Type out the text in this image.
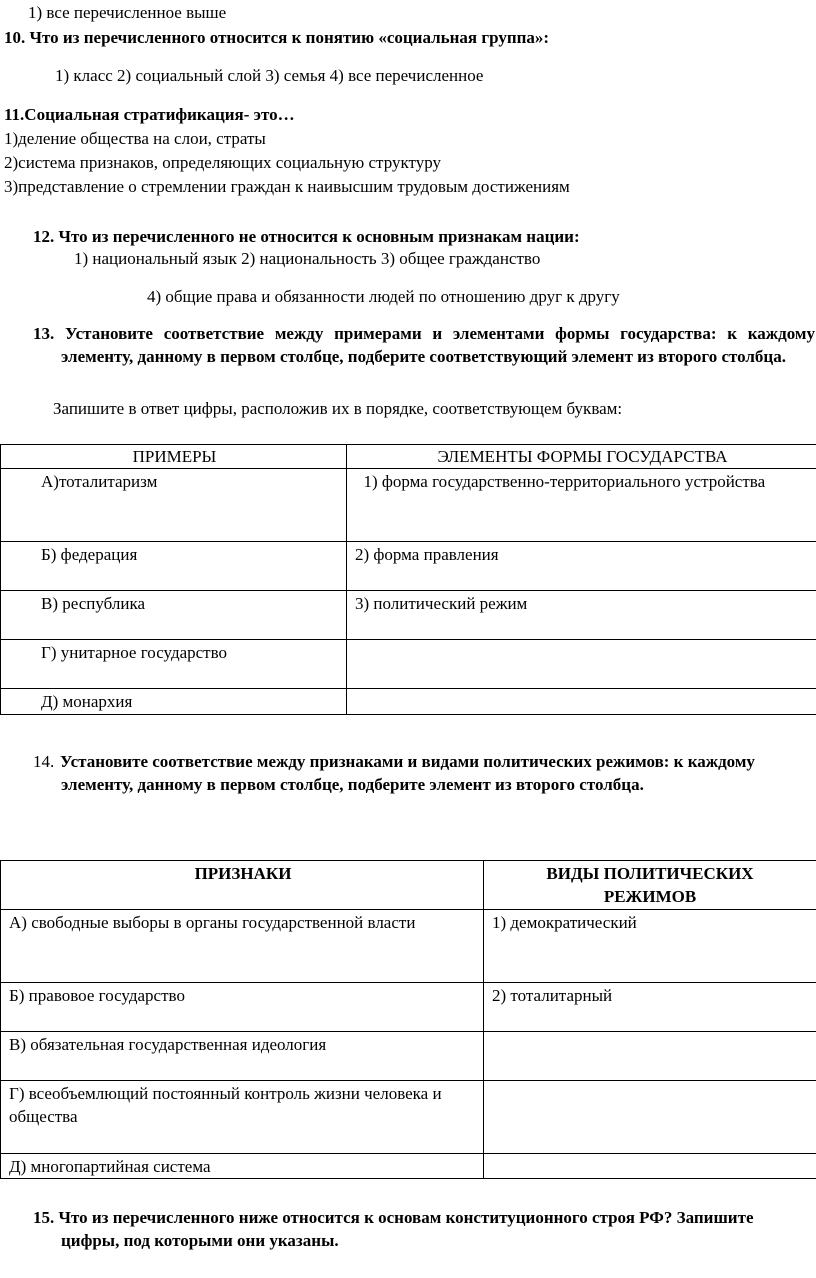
1) все перечисленное выше
10. Что из перечисленного относится к понятию «социальная группа»:
1) класс 2) социальный слой 3) семья 4) все перечисленное
11.Социальная стратификация- это…
1)деление общества на слои, страты
2)система признаков, определяющих социальную структуру
3)представление о стремлении граждан к наивысшим трудовым достижениям
12. Что из перечисленного не относится к основным признакам нации:
1) национальный язык 2) национальность 3) общее гражданство
4) общие права и обязанности людей по отношению друг к другу
13. Установите соответствие между примерами и элементами формы государства: к каждому элементу, данному в первом столбце, подберите соответствующий элемент из второго столбца.
Запишите в ответ цифры, расположив их в порядке, соответствующем буквам:
ПРИМЕРЫ	ЭЛЕМЕНТЫ ФОРМЫ ГОСУДАРСТВА
А)тоталитаризм	1) форма государственно-территориального устройства
Б) федерация	2) форма правления
В) республика	3) политический режим
Г) унитарное государство	
Д) монархия	
14. Установите соответствие между признаками и видами политических режимов: к каждому элементу, данному в первом столбце, подберите элемент из второго столбца.
ПРИЗНАКИ	ВИДЫ ПОЛИТИЧЕСКИХ РЕЖИМОВ
А) свободные выборы в органы государственной власти	1) демократический
Б) правовое государство	2) тоталитарный
В) обязательная государственная идеология	
Г) всеобъемлющий постоянный контроль жизни человека и общества	
Д) многопартийная система	
15. Что из перечисленного ниже относится к основам конституционного строя РФ? Запишите цифры, под которыми они указаны.
